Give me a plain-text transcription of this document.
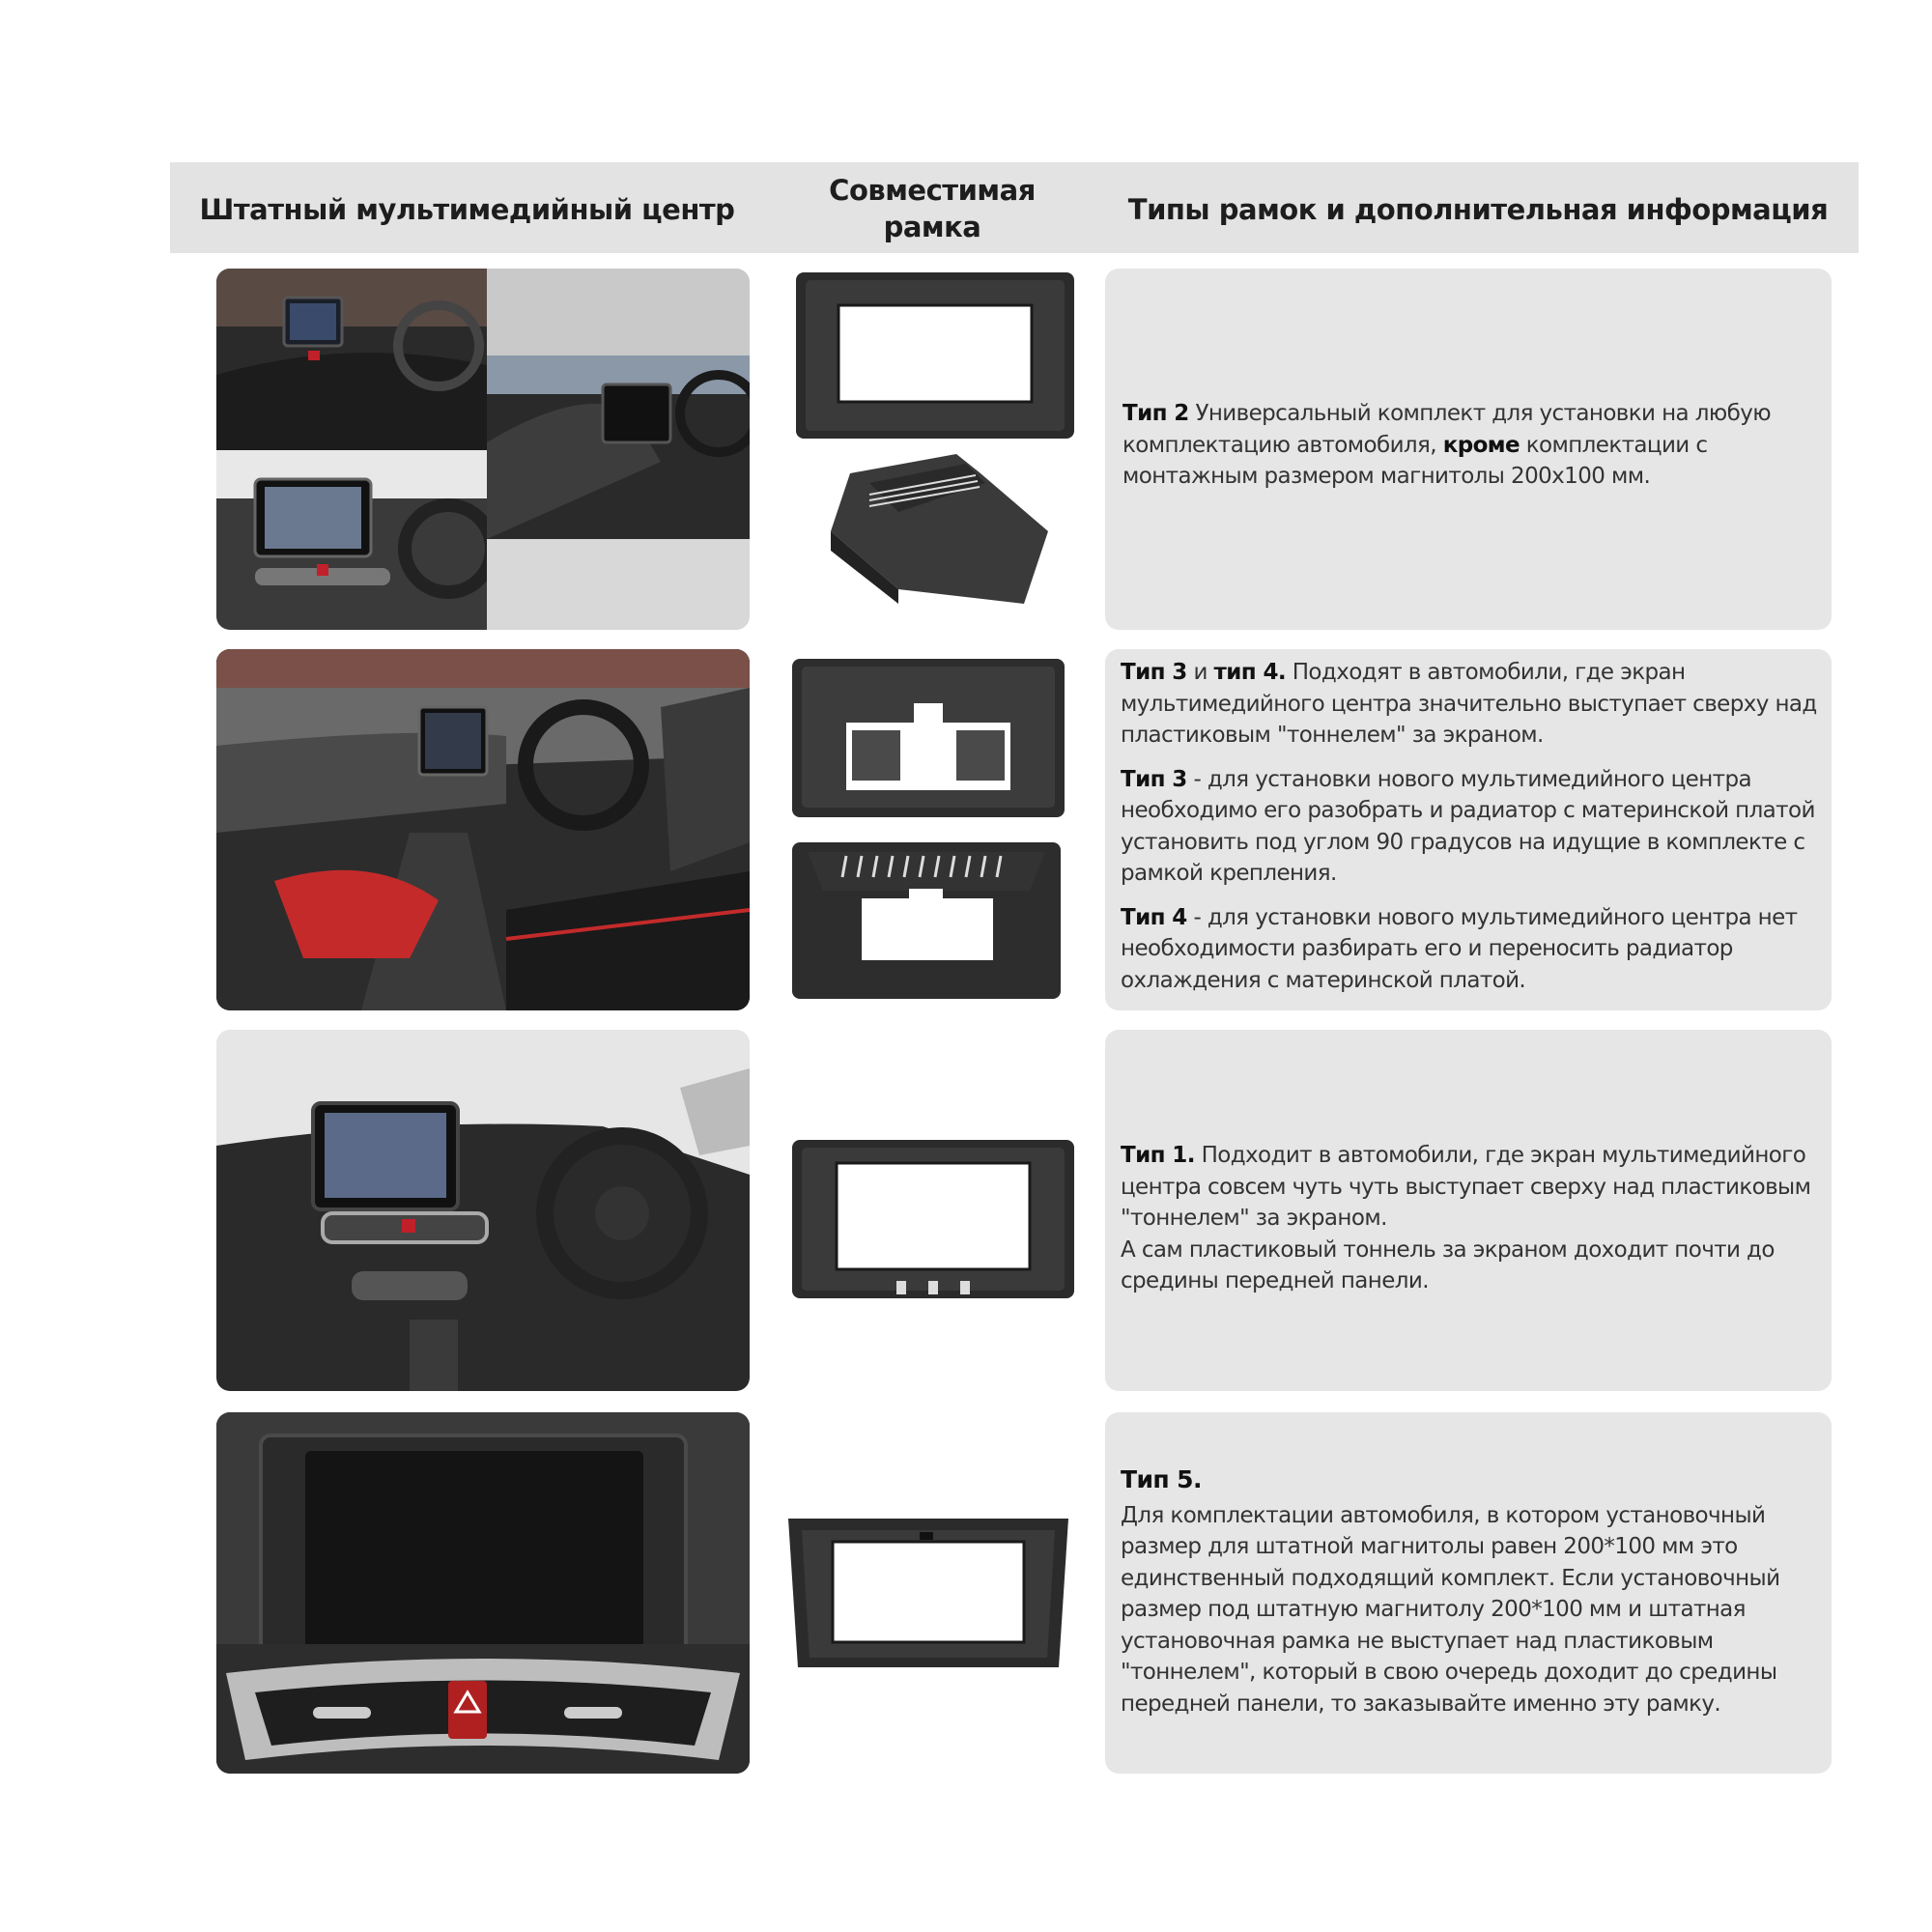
Штатный мультимедийный центр
Совместимая рамка
Типы рамок и дополнительная информация
Тип 2 Универсальный комплект для установки на любую комплектацию автомобиля, кроме комплектации с монтажным размером магнитолы 200x100 мм.

Тип 3 и тип 4. Подходят в автомобили, где экран мультимедийного центра значительно выступает сверху над пластиковым "тоннелем" за экраном.

Тип 3 - для установки нового мультимедийного центра необходимо его разобрать и радиатор с материнской платой установить под углом 90 градусов на идущие в комплекте с рамкой крепления.

Тип 4 - для установки нового мультимедийного центра нет необходимости разбирать его и переносить радиатор охлаждения с материнской платой.

Тип 1. Подходит в автомобили, где экран мультимедийного центра совсем чуть чуть выступает сверху над пластиковым "тоннелем" за экраном.
А сам пластиковый тоннель за экраном доходит почти до средины передней панели.
Тип 5.
Для комплектации автомобиля, в котором установочный размер для штатной магнитолы равен 200*100 мм это единственный подходящий комплект. Если установочный размер под штатную магнитолу 200*100 мм и штатная установочная рамка не выступает над пластиковым "тоннелем", который в свою очередь доходит до средины передней панели, то заказывайте именно эту рамку.
